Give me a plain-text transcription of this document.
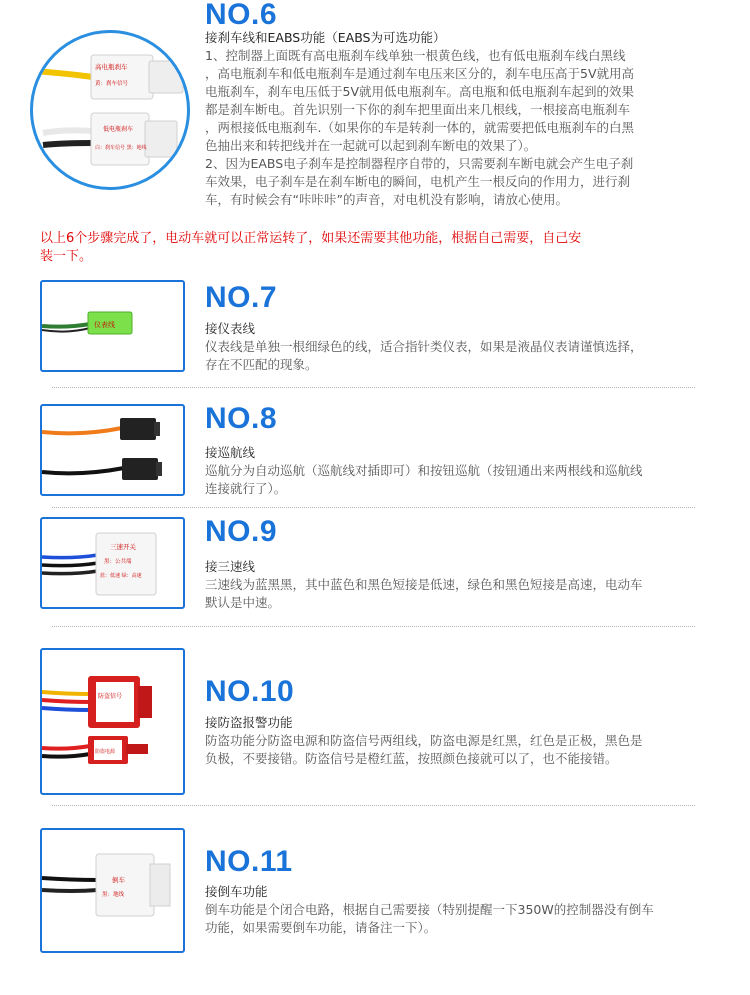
高电瓶刹车
黄：刹车信号
低电瓶刹车
白：刹车信号 黑：地线
NO.6
接刹车线和EABS功能（EABS为可选功能）
1、控制器上面既有高电瓶刹车线单独一根黄色线，也有低电瓶刹车线白黑线
，高电瓶刹车和低电瓶刹车是通过刹车电压来区分的，刹车电压高于5V就用高
电瓶刹车，刹车电压低于5V就用低电瓶刹车。高电瓶和低电瓶刹车起到的效果
都是刹车断电。首先识别一下你的刹车把里面出来几根线，一根接高电瓶刹车
，两根接低电瓶刹车.（如果你的车是转刹一体的，就需要把低电瓶刹车的白黑
色抽出来和转把线并在一起就可以起到刹车断电的效果了）。
2、因为EABS电子刹车是控制器程序自带的，只需要刹车断电就会产生电子刹
车效果，电子刹车是在刹车断电的瞬间，电机产生一根反向的作用力，进行刹
车，有时候会有“咔咔咔”的声音，对电机没有影响，请放心使用。
以上6个步骤完成了，电动车就可以正常运转了，如果还需要其他功能，根据自己需要，自己安
装一下。
仪表线
NO.7
接仪表线
仪表线是单独一根细绿色的线，适合指针类仪表，如果是液晶仪表请谨慎选择，
存在不匹配的现象。
NO.8
接巡航线
巡航分为自动巡航（巡航线对插即可）和按钮巡航（按钮通出来两根线和巡航线
连接就行了）。
三速开关
黑：公共端
蓝：低速 绿：高速
NO.9
接三速线
三速线为蓝黑黑，其中蓝色和黑色短接是低速，绿色和黑色短接是高速，电动车
默认是中速。
防盗信号
防盗电源
NO.10
接防盗报警功能
防盗功能分防盗电源和防盗信号两组线，防盗电源是红黑，红色是正极，黑色是
负极，不要接错。防盗信号是橙红蓝，按照颜色接就可以了，也不能接错。
倒车
黑：地线
NO.11
接倒车功能
倒车功能是个闭合电路，根据自己需要接（特别提醒一下350W的控制器没有倒车
功能，如果需要倒车功能，请备注一下）。
